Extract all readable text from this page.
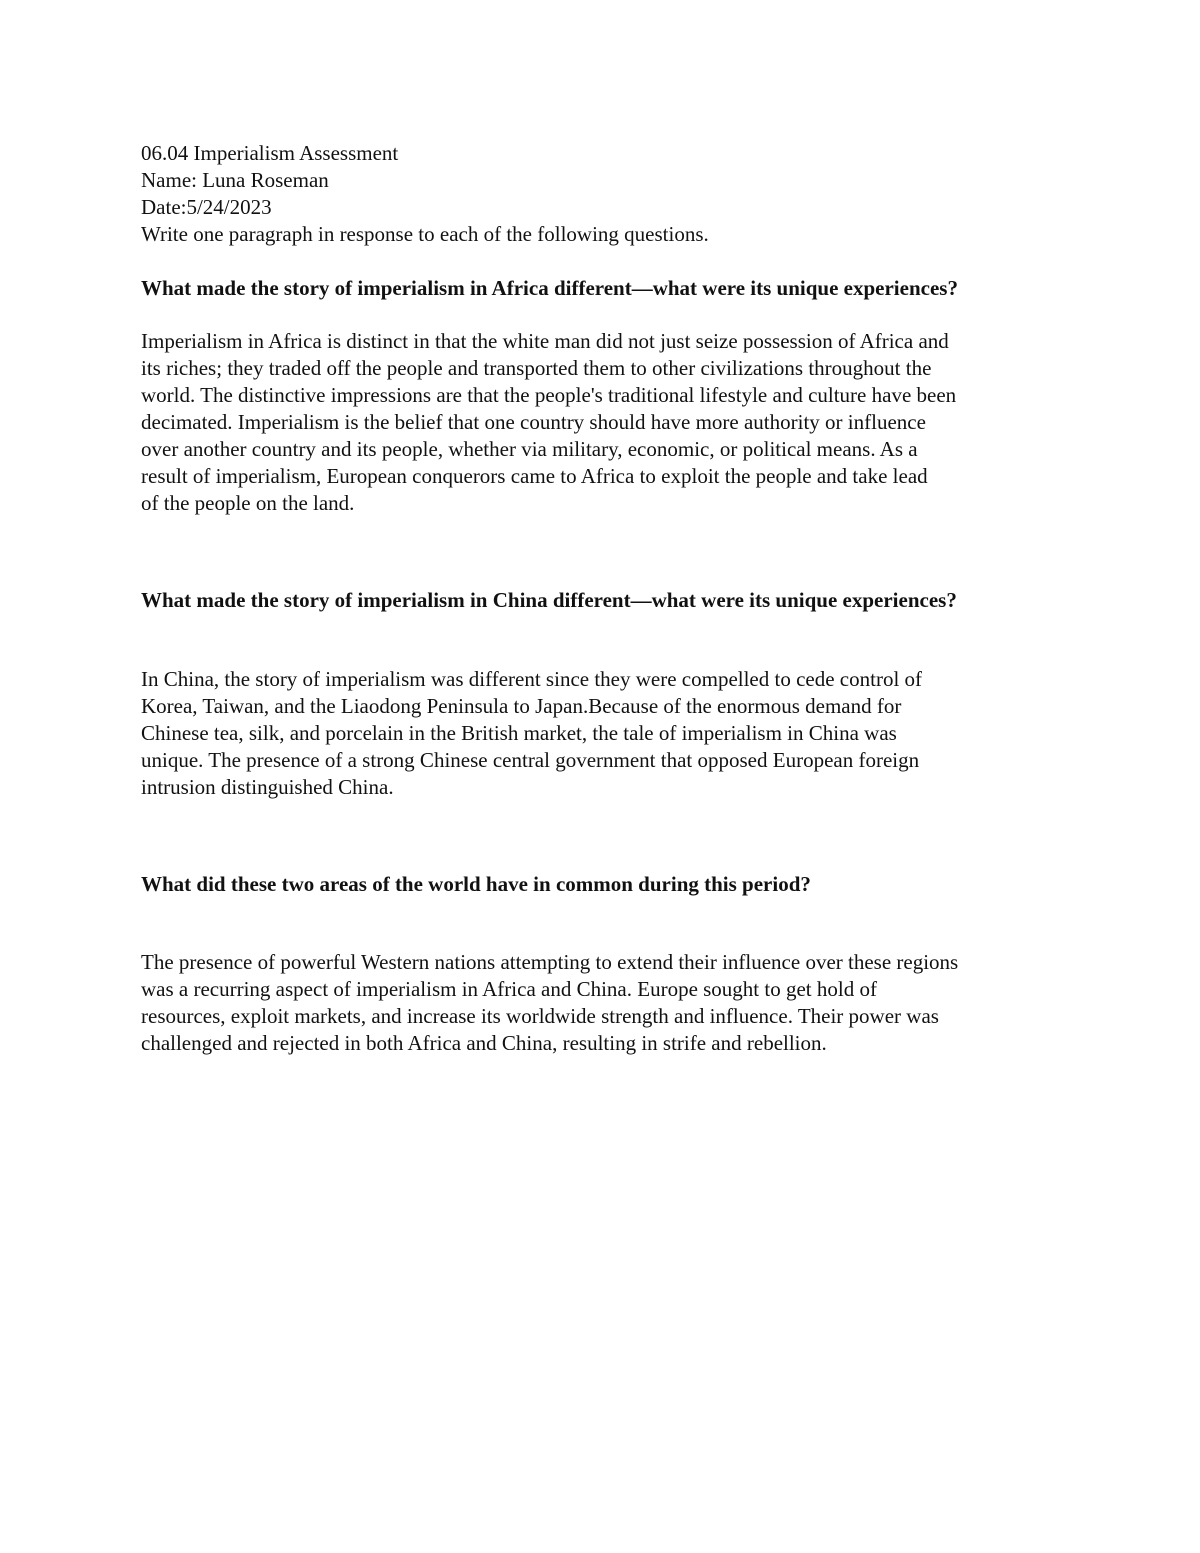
06.04 Imperialism Assessment
Name: Luna Roseman
Date:5/24/2023
Write one paragraph in response to each of the following questions.
What made the story of imperialism in Africa different—what were its unique experiences?
Imperialism in Africa is distinct in that the white man did not just seize possession of Africa and
its riches; they traded off the people and transported them to other civilizations throughout the
world. The distinctive impressions are that the people's traditional lifestyle and culture have been
decimated. Imperialism is the belief that one country should have more authority or influence
over another country and its people, whether via military, economic, or political means. As a
result of imperialism, European conquerors came to Africa to exploit the people and take lead
of the people on the land.
What made the story of imperialism in China different—what were its unique experiences?
In China, the story of imperialism was different since they were compelled to cede control of
Korea, Taiwan, and the Liaodong Peninsula to Japan.Because of the enormous demand for
Chinese tea, silk, and porcelain in the British market, the tale of imperialism in China was
unique. The presence of a strong Chinese central government that opposed European foreign
intrusion distinguished China.
What did these two areas of the world have in common during this period?
The presence of powerful Western nations attempting to extend their influence over these regions
was a recurring aspect of imperialism in Africa and China. Europe sought to get hold of
resources, exploit markets, and increase its worldwide strength and influence. Their power was
challenged and rejected in both Africa and China, resulting in strife and rebellion.
